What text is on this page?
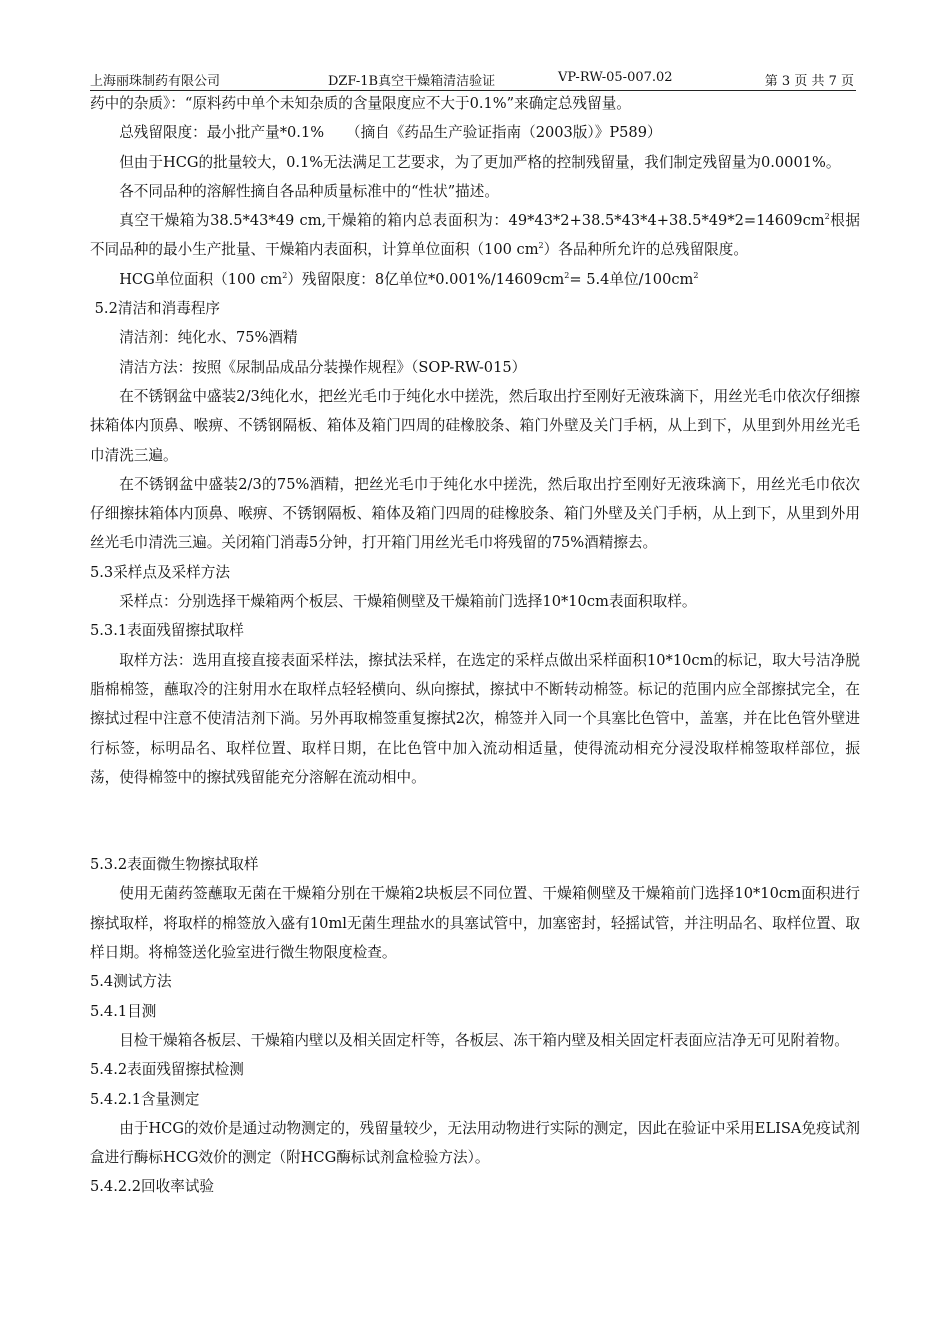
上海丽珠制药有限公司	DZF-1B真空干燥箱清洁验证	VP-RW-05-007.02	第 3 页 共 7 页

药中的杂质》：“原料药中单个未知杂质的含量限度应不大于0.1%”来确定总残留量。

总残留限度：最小批产量*0.1%　　（摘自《药品生产验证指南（2003版）》P589）

但由于HCG的批量较大，0.1%无法满足工艺要求，为了更加严格的控制残留量，我们制定残留量为0.0001%。

各不同品种的溶解性摘自各品种质量标准中的“性状”描述。

真空干燥箱为38.5*43*49 cm,干燥箱的箱内总表面积为：$49*43*2+38.5*43*4+38.5*49*2=14609cm^2$根据不同品种的最小生产批量、干燥箱内表面积，计算单位面积（100 $cm^2$）各品种所允许的总残留限度。

HCG单位面积（100 $cm^2$）残留限度：8亿单位$*0.001\%/14609cm^2= 5.4$单位$/100cm^2$

5.2清洁和消毒程序

清洁剂：纯化水、75%酒精

清洁方法：按照《尿制品成品分装操作规程》（SOP-RW-015）

在不锈钢盆中盛装2/3纯化水，把丝光毛巾于纯化水中搓洗，然后取出拧至刚好无液珠滴下，用丝光毛巾依次仔细擦抹箱体内顶鼻、喉痹、不锈钢隔板、箱体及箱门四周的硅橡胶条、箱门外壁及关门手柄，从上到下，从里到外用丝光毛巾清洗三遍。

在不锈钢盆中盛装2/3的75%酒精，把丝光毛巾于纯化水中搓洗，然后取出拧至刚好无液珠滴下，用丝光毛巾依次仔细擦抹箱体内顶鼻、喉痹、不锈钢隔板、箱体及箱门四周的硅橡胶条、箱门外壁及关门手柄，从上到下，从里到外用丝光毛巾清洗三遍。关闭箱门消毒5分钟，打开箱门用丝光毛巾将残留的75%酒精擦去。

5.3采样点及采样方法

采样点：分别选择干燥箱两个板层、干燥箱侧壁及干燥箱前门选择10*10cm表面积取样。

5.3.1表面残留擦拭取样

取样方法：选用直接直接表面采样法，擦拭法采样，在选定的采样点做出采样面积10*10cm的标记，取大号洁净脱脂棉棉签，蘸取冷的注射用水在取样点轻轻横向、纵向擦拭，擦拭中不断转动棉签。标记的范围内应全部擦拭完全，在擦拭过程中注意不使清洁剂下淌。另外再取棉签重复擦拭2次，棉签并入同一个具塞比色管中，盖塞，并在比色管外壁进行标签，标明品名、取样位置、取样日期，在比色管中加入流动相适量，使得流动相充分浸没取样棉签取样部位，振荡，使得棉签中的擦拭残留能充分溶解在流动相中。

5.3.2表面微生物擦拭取样

使用无菌药签蘸取无菌在干燥箱分别在干燥箱2块板层不同位置、干燥箱侧壁及干燥箱前门选择10*10cm面积进行擦拭取样，将取样的棉签放入盛有10ml无菌生理盐水的具塞试管中，加塞密封，轻摇试管，并注明品名、取样位置、取样日期。将棉签送化验室进行微生物限度检查。

5.4测试方法

5.4.1目测

目检干燥箱各板层、干燥箱内壁以及相关固定杆等，各板层、冻干箱内壁及相关固定杆表面应洁净无可见附着物。

5.4.2表面残留擦拭检测

5.4.2.1含量测定

由于HCG的效价是通过动物测定的，残留量较少，无法用动物进行实际的测定，因此在验证中采用ELISA免疫试剂盒进行酶标HCG效价的测定（附HCG酶标试剂盒检验方法）。

5.4.2.2回收率试验
